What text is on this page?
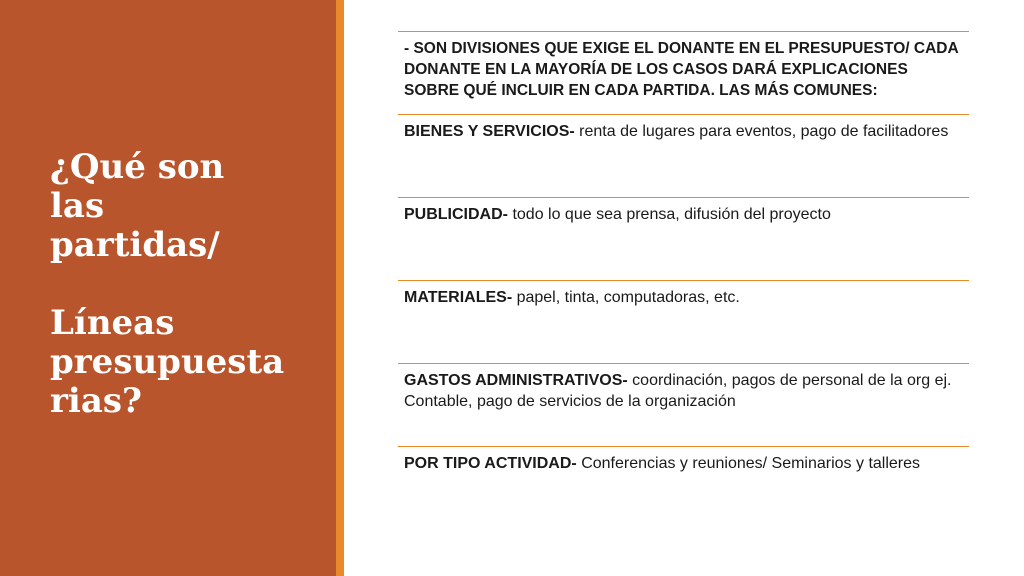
¿Qué son
las
partidas/
Líneas
presupuesta
rias?
- SON DIVISIONES QUE EXIGE EL DONANTE EN EL PRESUPUESTO/ CADA DONANTE EN LA MAYORÍA DE LOS CASOS DARÁ EXPLICACIONES SOBRE QUÉ INCLUIR EN CADA PARTIDA. LAS MÁS COMUNES:
BIENES Y SERVICIOS- renta de lugares para eventos, pago de facilitadores
PUBLICIDAD- todo lo que sea prensa, difusión del proyecto
MATERIALES- papel, tinta, computadoras, etc.
GASTOS ADMINISTRATIVOS- coordinación, pagos de personal de la org ej. Contable, pago de servicios de la organización
POR TIPO ACTIVIDAD- Conferencias y reuniones/ Seminarios y talleres
